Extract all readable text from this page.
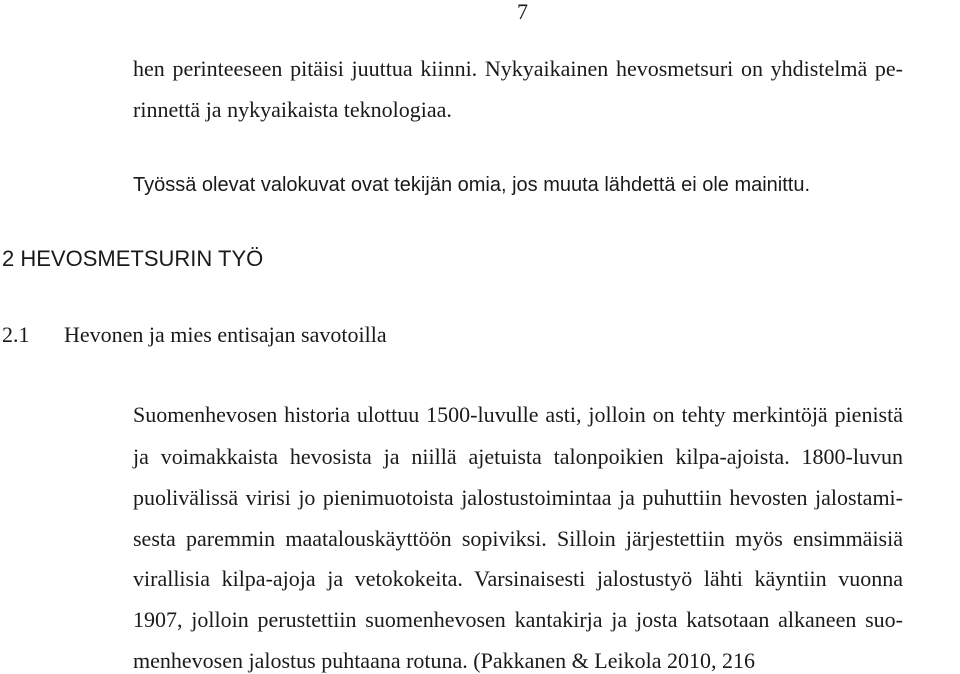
7
hen perinteeseen pitäisi juuttua kiinni. Nykyaikainen hevosmetsuri on yhdistelmä pe-
rinnettä ja nykyaikaista teknologiaa.
Työssä olevat valokuvat ovat tekijän omia, jos muuta lähdettä ei ole mainittu.
2 HEVOSMETSURIN TYÖ
2.1 Hevonen ja mies entisajan savotoilla
Suomenhevosen historia ulottuu 1500-luvulle asti, jolloin on tehty merkintöjä pienistä
ja voimakkaista hevosista ja niillä ajetuista talonpoikien kilpa-ajoista. 1800-luvun
puolivälissä virisi jo pienimuotoista jalostustoimintaa ja puhuttiin hevosten jalostami-
sesta paremmin maatalouskäyttöön sopiviksi. Silloin järjestettiin myös ensimmäisiä
virallisia kilpa-ajoja ja vetokokeita. Varsinaisesti jalostustyö lähti käyntiin vuonna
1907, jolloin perustettiin suomenhevosen kantakirja ja josta katsotaan alkaneen suo-
menhevosen jalostus puhtaana rotuna. (Pakkanen & Leikola 2010, 216
